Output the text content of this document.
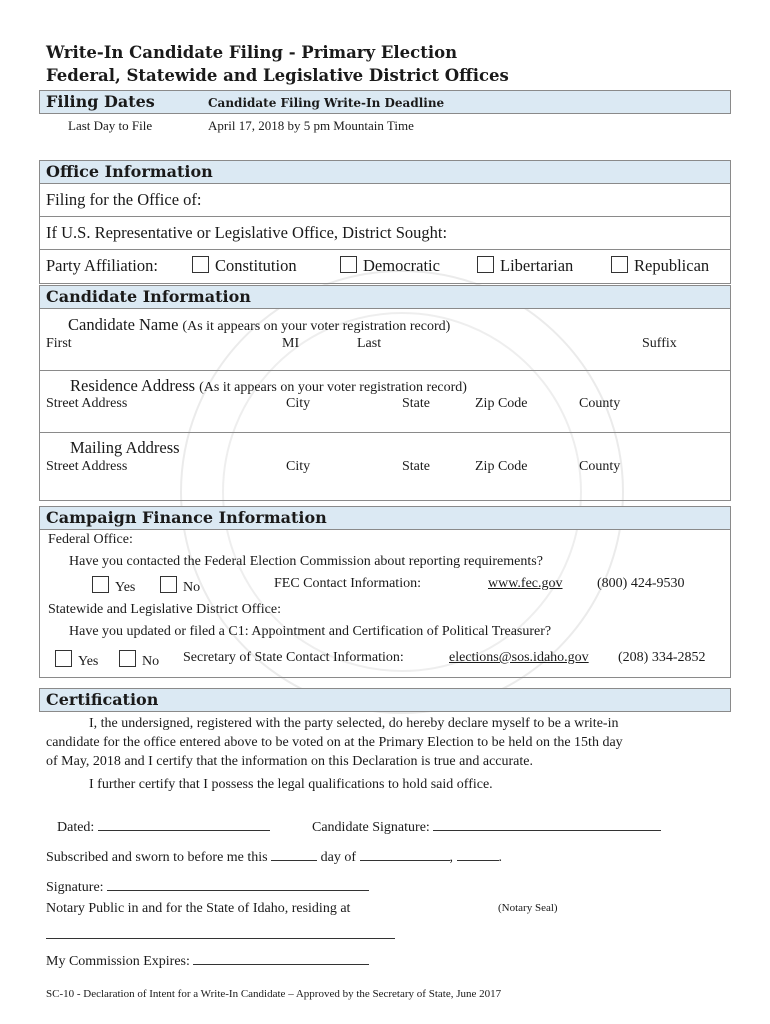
Write-In Candidate Filing - Primary Election
Federal, Statewide and Legislative District Offices
Filing Dates	Candidate Filing Write-In Deadline
Last Day to File	April 17, 2018 by 5 pm Mountain Time
Office Information
Filing for the Office of:
If U.S. Representative or Legislative Office, District Sought:
Party Affiliation:	Constitution	Democratic	Libertarian	Republican
Candidate Information
Candidate Name (As it appears on your voter registration record)
First	MI	Last	Suffix
Residence Address (As it appears on your voter registration record)
Street Address	City	State	Zip Code	County
Mailing Address
Street Address	City	State	Zip Code	County
Campaign Finance Information
Federal Office:
Have you contacted the Federal Election Commission about reporting requirements?
Yes	No	FEC Contact Information:	www.fec.gov (800) 424-9530
Statewide and Legislative District Office:
Have you updated or filed a C1: Appointment and Certification of Political Treasurer?
Yes	No Secretary of State Contact Information:	elections@sos.idaho.gov (208) 334-2852
Certification
I, the undersigned, registered with the party selected, do hereby declare myself to be a write-in
candidate for the office entered above to be voted on at the Primary Election to be held on the 15th day
of May, 2018 and I certify that the information on this Declaration is true and accurate.
I further certify that I possess the legal qualifications to hold said office.
Dated:	Candidate Signature:
Subscribed and sworn to before me this	day of	,	.
Signature:
Notary Public in and for the State of Idaho, residing at	(Notary Seal)
My Commission Expires:
SC-10 - Declaration of Intent for a Write-In Candidate – Approved by the Secretary of State, June 2017
